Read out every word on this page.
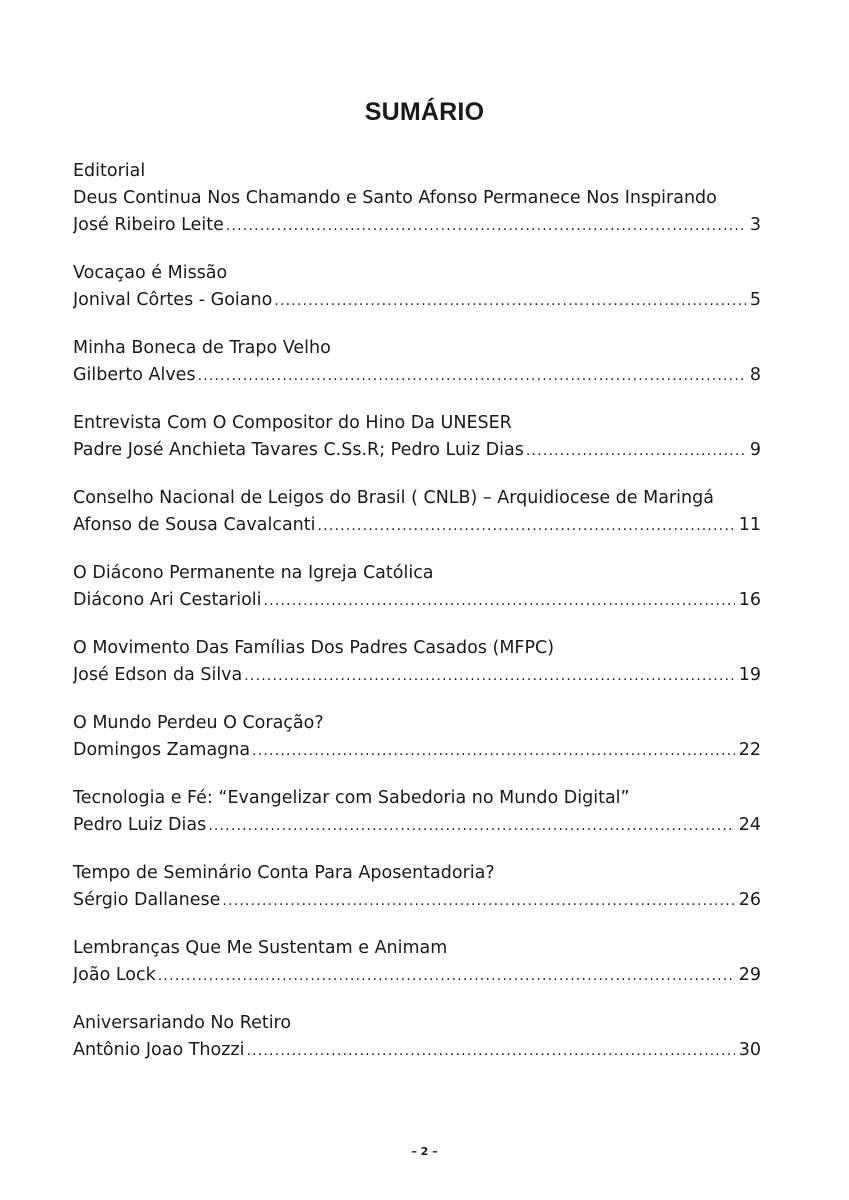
SUMÁRIO
Editorial
Deus Continua Nos Chamando e Santo Afonso Permanece Nos Inspirando
José Ribeiro Leite .....	3
Vocaçao é Missão
Jonival Côrtes - Goiano .....	5
Minha Boneca de Trapo Velho
Gilberto Alves .....	8
Entrevista Com O Compositor do Hino Da UNESER
Padre José Anchieta Tavares C.Ss.R; Pedro Luiz Dias .....	9
Conselho Nacional de Leigos do Brasil ( CNLB) – Arquidiocese de Maringá
Afonso de Sousa Cavalcanti .....	11
O Diácono Permanente na Igreja Católica
Diácono Ari Cestarioli .....	16
O Movimento Das Famílias Dos Padres Casados (MFPC)
José Edson da Silva .....	19
O Mundo Perdeu O Coração?
Domingos Zamagna .....	22
Tecnologia e Fé: “Evangelizar com Sabedoria no Mundo Digital”
Pedro Luiz Dias .....	24
Tempo de Seminário Conta Para Aposentadoria?
Sérgio Dallanese .....	26
Lembranças Que Me Sustentam e Animam
João Lock .....	29
Aniversariando No Retiro
Antônio Joao Thozzi .....	30
– 2 –
